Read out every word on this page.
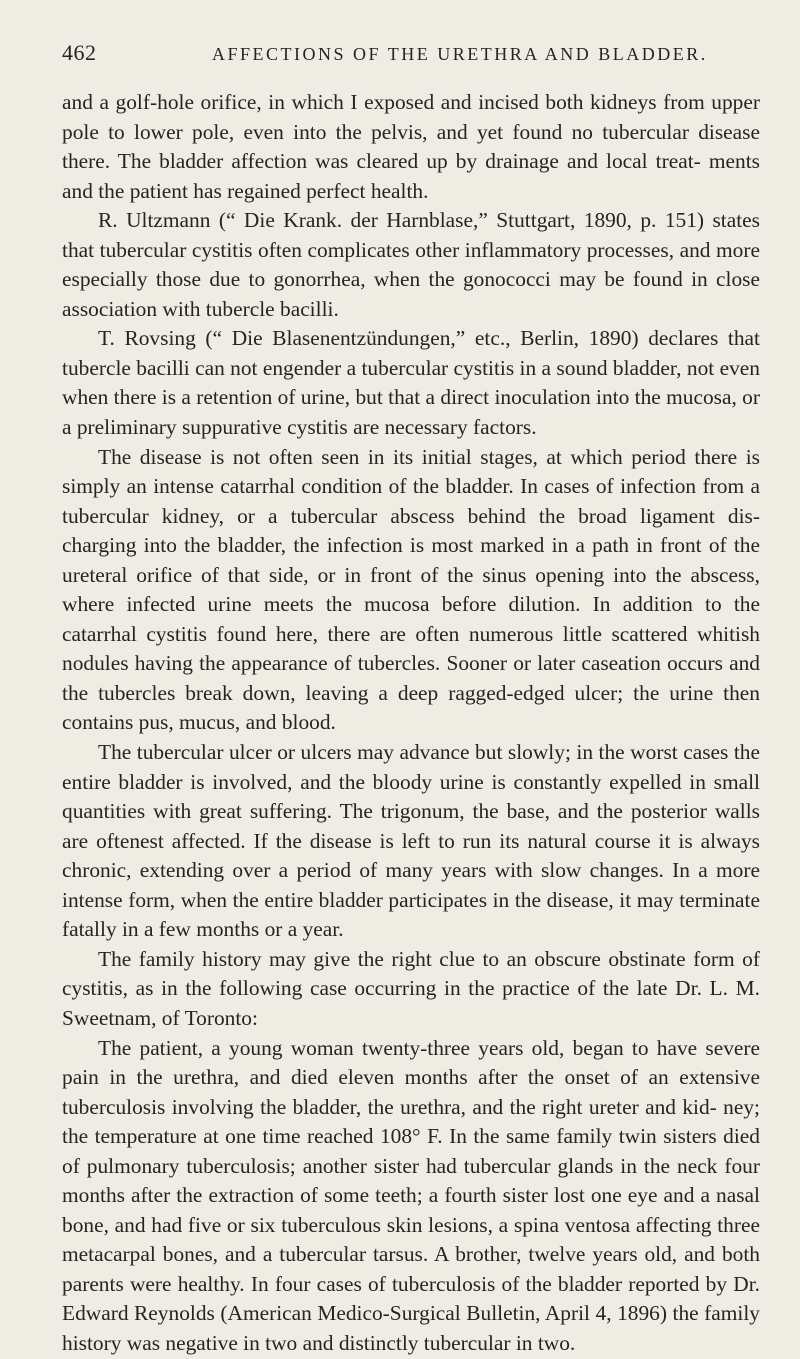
462	AFFECTIONS OF THE URETHRA AND BLADDER.

and a golf-hole orifice, in which I exposed and incised both kidneys from upper pole to lower pole, even into the pelvis, and yet found no tubercular disease there. The bladder affection was cleared up by drainage and local treat- ments and the patient has regained perfect health.

R. Ultzmann (“ Die Krank. der Harnblase,” Stuttgart, 1890, p. 151) states that tubercular cystitis often complicates other inflammatory processes, and more especially those due to gonorrhea, when the gonococci may be found in close association with tubercle bacilli.

T. Rovsing (“ Die Blasenentzündungen,” etc., Berlin, 1890) declares that tubercle bacilli can not engender a tubercular cystitis in a sound bladder, not even when there is a retention of urine, but that a direct inoculation into the mucosa, or a preliminary suppurative cystitis are necessary factors.

The disease is not often seen in its initial stages, at which period there is simply an intense catarrhal condition of the bladder. In cases of infection from a tubercular kidney, or a tubercular abscess behind the broad ligament dis- charging into the bladder, the infection is most marked in a path in front of the ureteral orifice of that side, or in front of the sinus opening into the abscess, where infected urine meets the mucosa before dilution. In addition to the catarrhal cystitis found here, there are often numerous little scattered whitish nodules having the appearance of tubercles. Sooner or later caseation occurs and the tubercles break down, leaving a deep ragged-edged ulcer; the urine then contains pus, mucus, and blood.

The tubercular ulcer or ulcers may advance but slowly; in the worst cases the entire bladder is involved, and the bloody urine is constantly expelled in small quantities with great suffering. The trigonum, the base, and the posterior walls are oftenest affected. If the disease is left to run its natural course it is always chronic, extending over a period of many years with slow changes. In a more intense form, when the entire bladder participates in the disease, it may terminate fatally in a few months or a year.

The family history may give the right clue to an obscure obstinate form of cystitis, as in the following case occurring in the practice of the late Dr. L. M. Sweetnam, of Toronto:

The patient, a young woman twenty-three years old, began to have severe pain in the urethra, and died eleven months after the onset of an extensive tuberculosis involving the bladder, the urethra, and the right ureter and kid- ney; the temperature at one time reached 108° F. In the same family twin sisters died of pulmonary tuberculosis; another sister had tubercular glands in the neck four months after the extraction of some teeth; a fourth sister lost one eye and a nasal bone, and had five or six tuberculous skin lesions, a spina ventosa affecting three metacarpal bones, and a tubercular tarsus. A brother, twelve years old, and both parents were healthy. In four cases of tuberculosis of the bladder reported by Dr. Edward Reynolds (American Medico-Surgical Bulletin, April 4, 1896) the family history was negative in two and distinctly tubercular in two.
